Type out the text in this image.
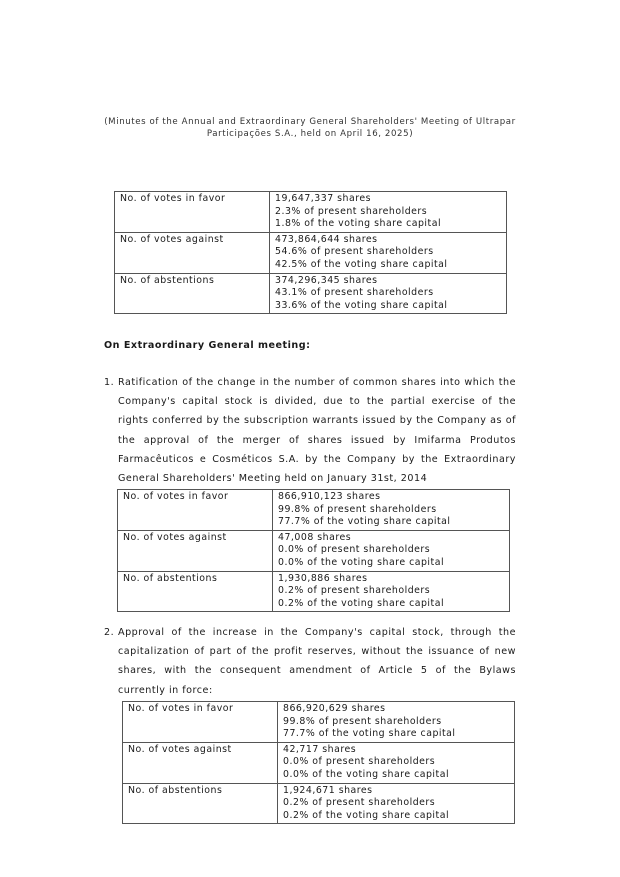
(Minutes of the Annual and Extraordinary General Shareholders' Meeting of Ultrapar
Participações S.A., held on April 16, 2025)
No. of votes in favor	19,647,337 shares
2.3% of present shareholders
1.8% of the voting share capital

No. of votes against	473,864,644 shares
54.6% of present shareholders
42.5% of the voting share capital

No. of abstentions	374,296,345 shares
43.1% of present shareholders
33.6% of the voting share capital
On Extraordinary General meeting:
1. Ratification of the change in the number of common shares into which the Company's capital stock is divided, due to the partial exercise of the rights conferred by the subscription warrants issued by the Company as of the approval of the merger of shares issued by Imifarma Produtos Farmacêuticos e Cosméticos S.A. by the Company by the Extraordinary General Shareholders' Meeting held on January 31st, 2014
No. of votes in favor	866,910,123 shares
99.8% of present shareholders
77.7% of the voting share capital

No. of votes against	47,008 shares
0.0% of present shareholders
0.0% of the voting share capital

No. of abstentions	1,930,886 shares
0.2% of present shareholders
0.2% of the voting share capital
2. Approval of the increase in the Company's capital stock, through the capitalization of part of the profit reserves, without the issuance of new shares, with the consequent amendment of Article 5 of the Bylaws currently in force:
No. of votes in favor	866,920,629 shares
99.8% of present shareholders
77.7% of the voting share capital

No. of votes against	42,717 shares
0.0% of present shareholders
0.0% of the voting share capital

No. of abstentions	1,924,671 shares
0.2% of present shareholders
0.2% of the voting share capital
